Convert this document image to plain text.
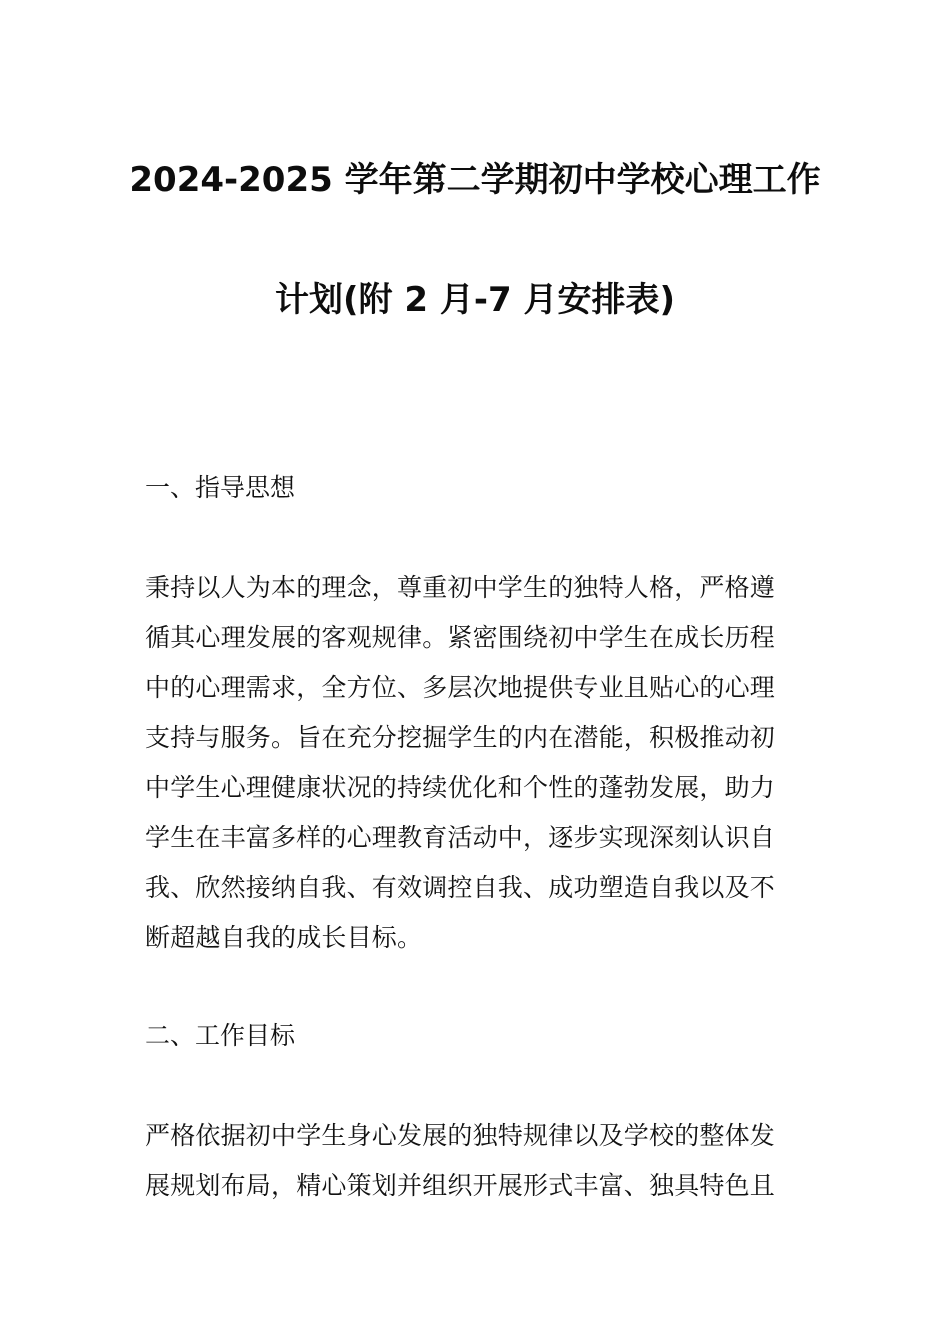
2024-2025 学年第二学期初中学校心理工作
计划(附 2 月-7 月安排表)
一、指导思想
秉持以人为本的理念，尊重初中学生的独特人格，严格遵
循其心理发展的客观规律。紧密围绕初中学生在成长历程
中的心理需求，全方位、多层次地提供专业且贴心的心理
支持与服务。旨在充分挖掘学生的内在潜能，积极推动初
中学生心理健康状况的持续优化和个性的蓬勃发展，助力
学生在丰富多样的心理教育活动中，逐步实现深刻认识自
我、欣然接纳自我、有效调控自我、成功塑造自我以及不
断超越自我的成长目标。
二、工作目标
严格依据初中学生身心发展的独特规律以及学校的整体发
展规划布局，精心策划并组织开展形式丰富、独具特色且
